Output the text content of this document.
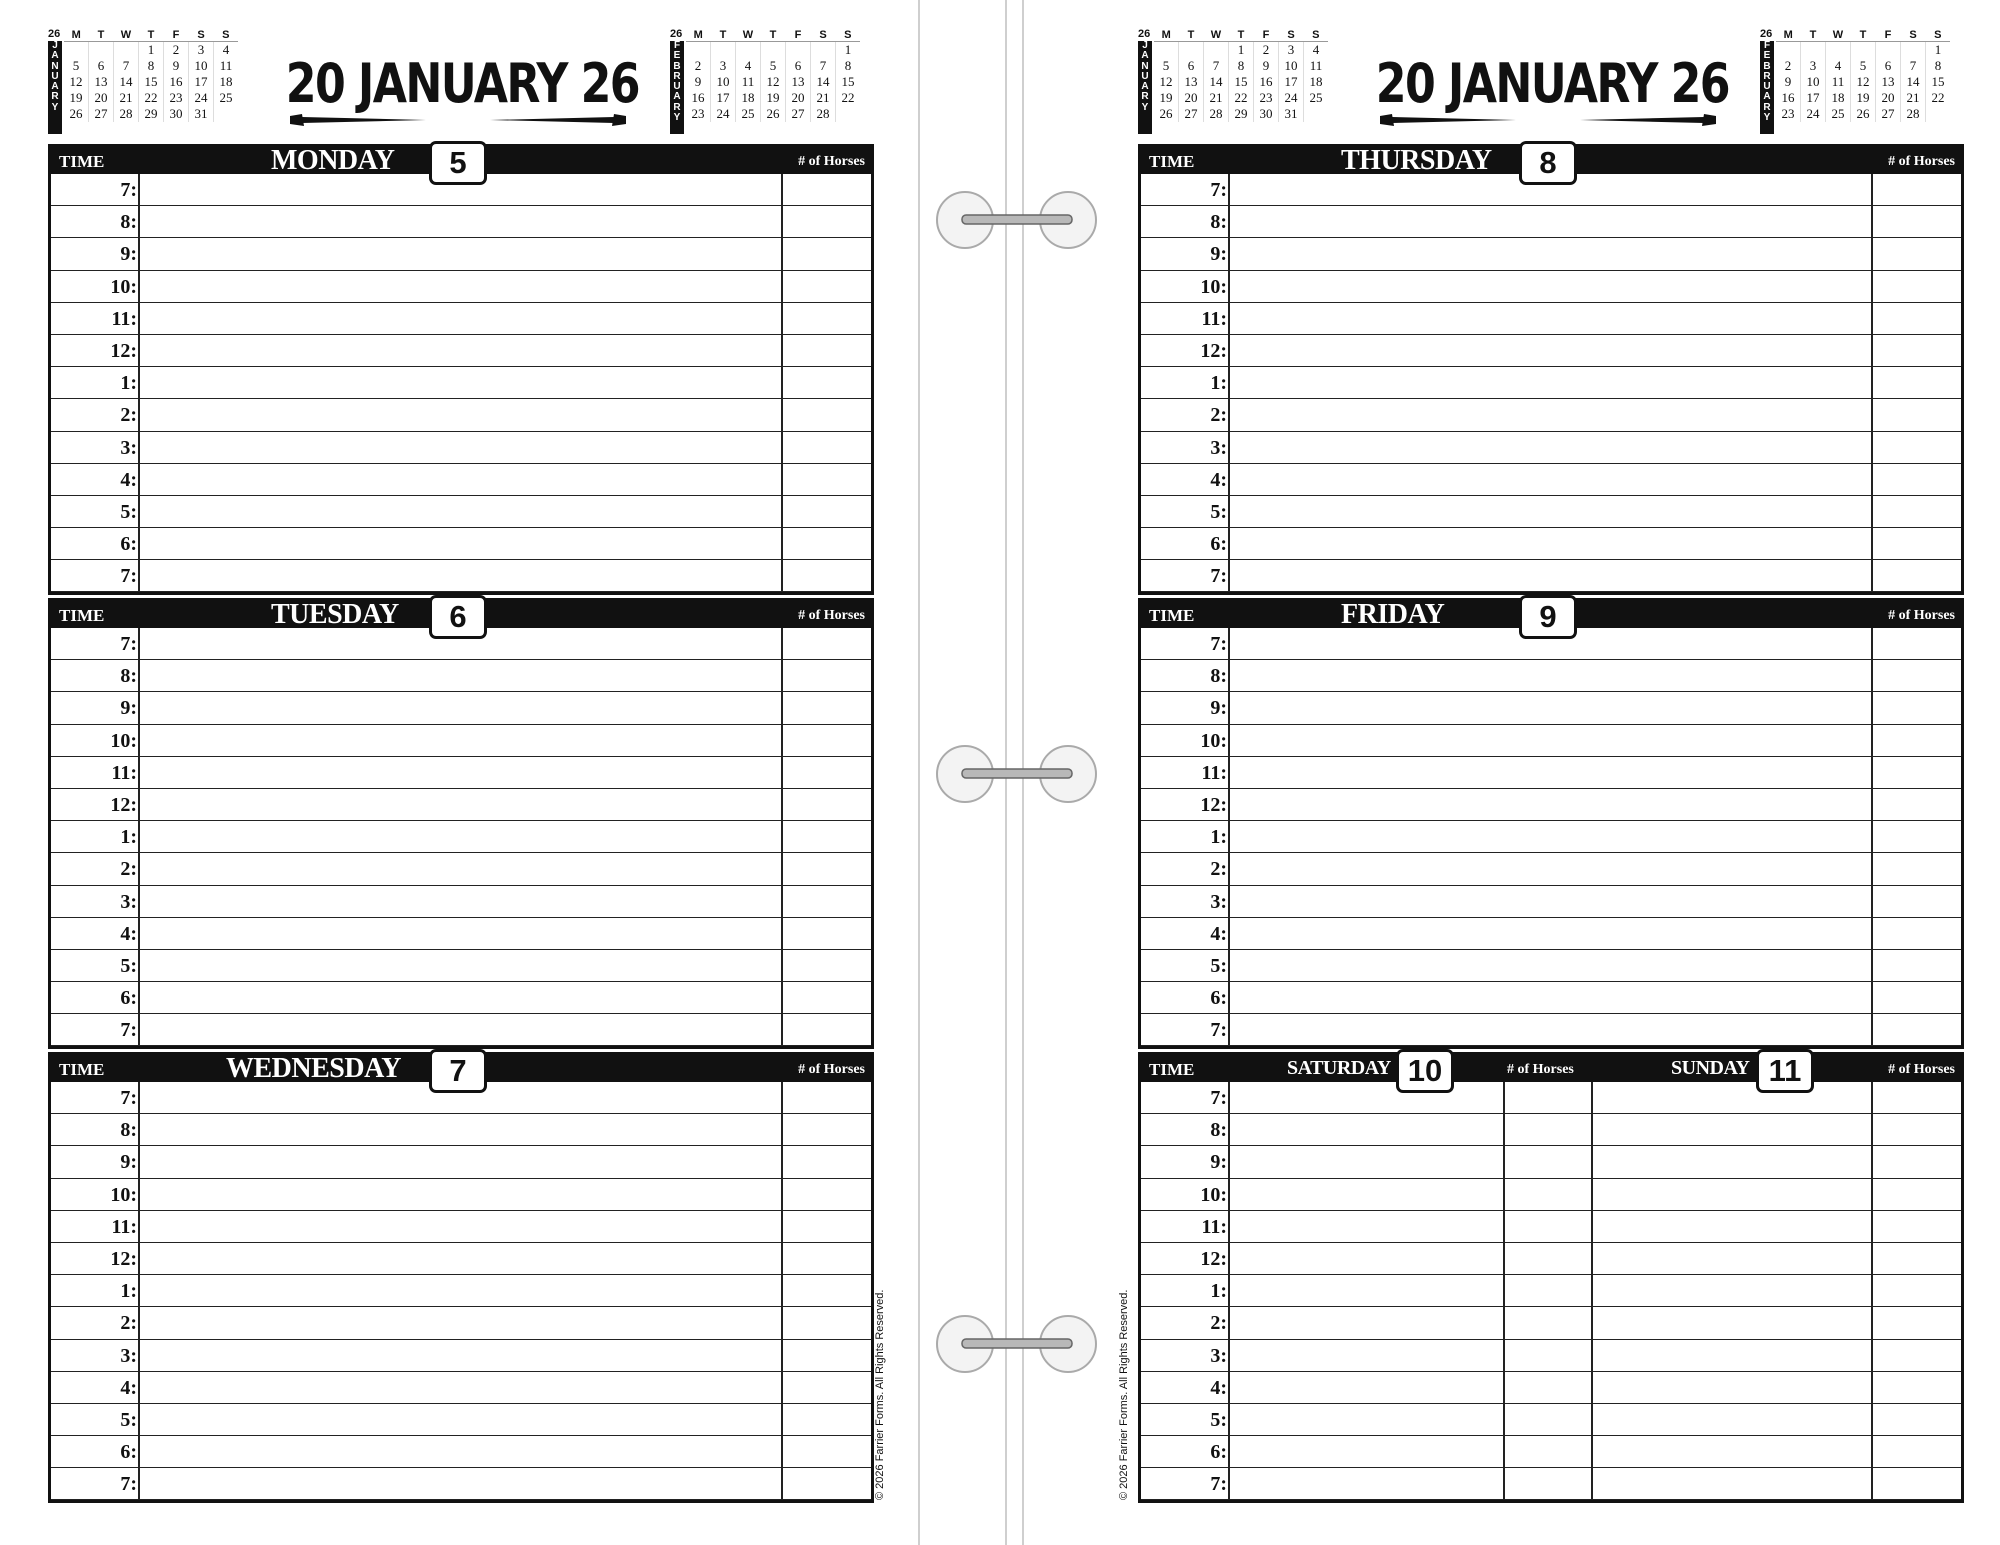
26
J
A
N
U
A
R
Y
M	T	W	T	F	S	S
			1	2	3	4
5	6	7	8	9	10	11
12	13	14	15	16	17	18
19	20	21	22	23	24	25
26	27	28	29	30	31	20 JANUARY 26
26
F
E
B
R
U
A
R
Y
M	T	W	T	F	S	S
						1
2	3	4	5	6	7	8
9	10	11	12	13	14	15
16	17	18	19	20	21	22
23	24	25	26	27	28	
TIME	MONDAY	5	# of Horses
7:
8:
9:
10:
11:
12:
1:
2:
3:
4:
5:
6:
7:
TIME	TUESDAY	6	# of Horses
7:
8:
9:
10:
11:
12:
1:
2:
3:
4:
5:
6:
7:
TIME	WEDNESDAY	7	# of Horses
7:
8:
9:
10:
11:
12:
1:
2:
3:
4:
5:
6:
7:	© 2026 Farrier Forms. All Rights Reserved.
26
J
A
N
U
A
R
Y
M	T	W	T	F	S	S
			1	2	3	4
5	6	7	8	9	10	11
12	13	14	15	16	17	18
19	20	21	22	23	24	25
26	27	28	29	30	31	20 JANUARY 26
26
F
E
B
R
U
A
R
Y
M	T	W	T	F	S	S
						1
2	3	4	5	6	7	8
9	10	11	12	13	14	15
16	17	18	19	20	21	22
23	24	25	26	27	28	
TIME	THURSDAY	8	# of Horses
7:
8:
9:
10:
11:
12:
1:
2:
3:
4:
5:
6:
7:
TIME	FRIDAY	9	# of Horses
7:
8:
9:
10:
11:
12:
1:
2:
3:
4:
5:
6:
7:
TIME	SATURDAY 10	# of Horses	SUNDAY 11	# of Horses
7:
8:
9:
10:
11:
12:
1:
2:
3:
4:
5:
6:
7:
© 2026 Farrier Forms. All Rights Reserved.
